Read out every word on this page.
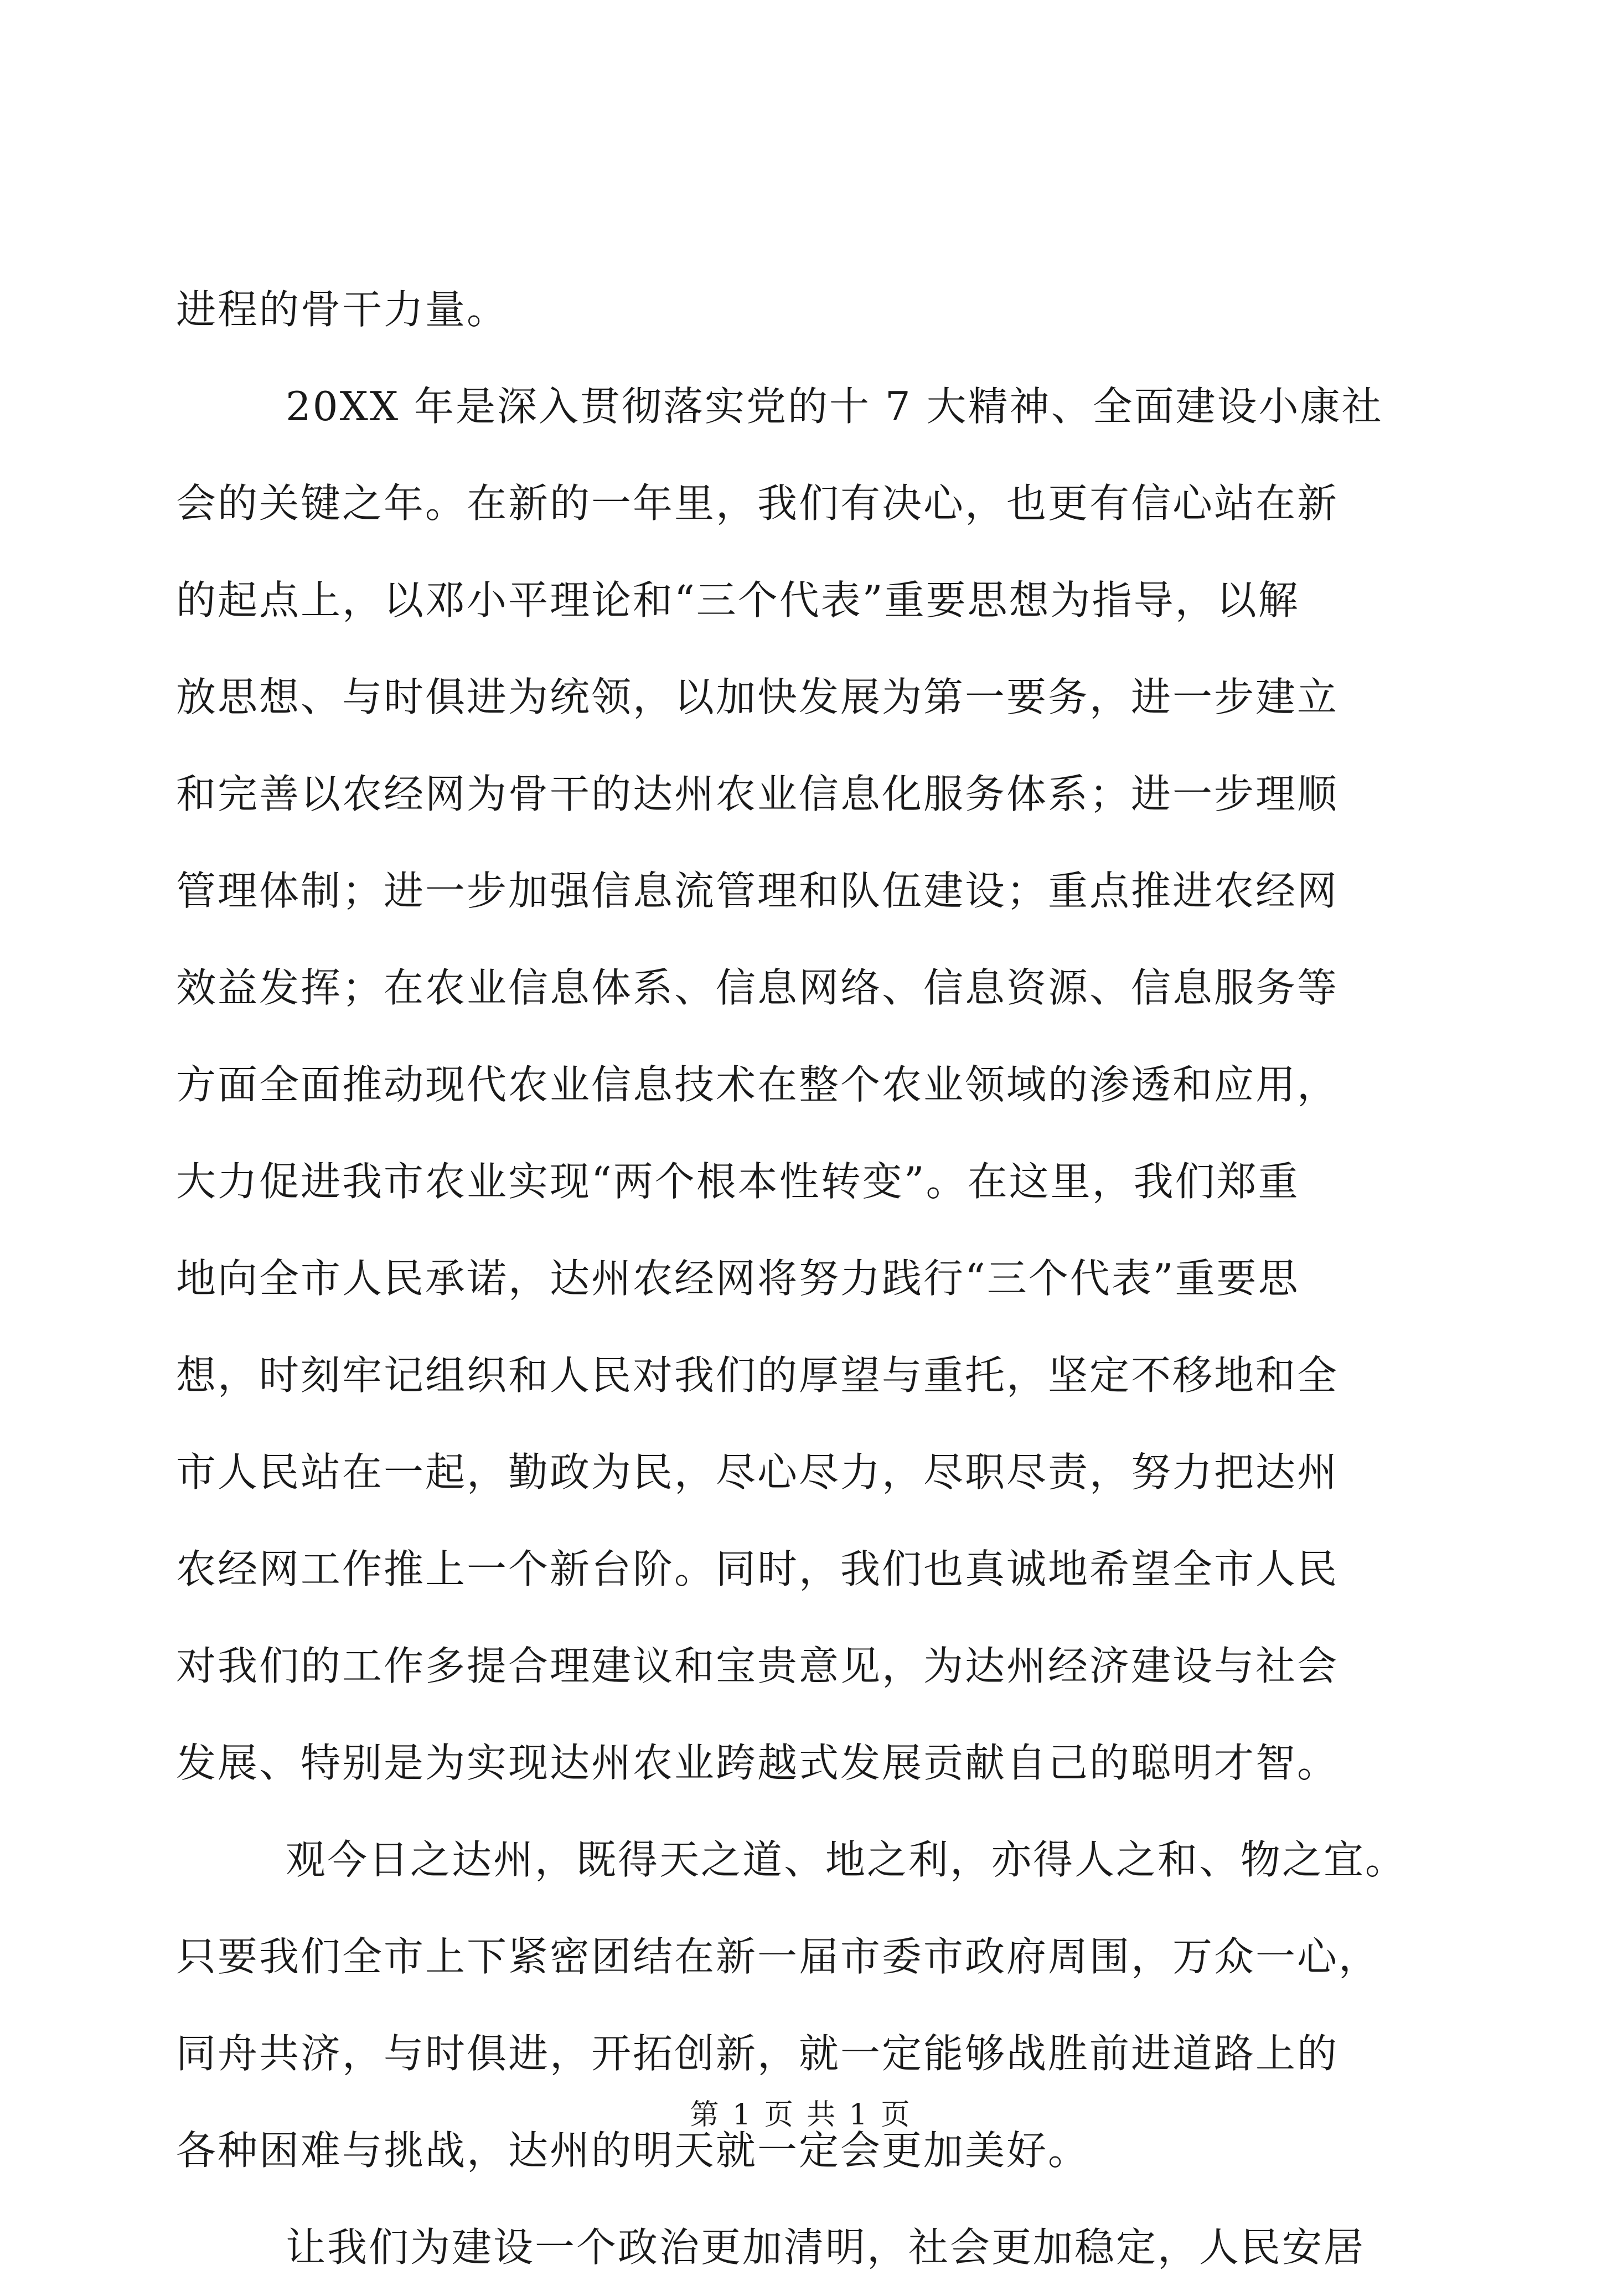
进程的骨干力量。
20XX 年是深入贯彻落实党的十 7 大精神、全面建设小康社
会的关键之年。在新的一年里，我们有决心，也更有信心站在新
的起点上，以邓小平理论和“三个代表”重要思想为指导，以解
放思想、与时俱进为统领，以加快发展为第一要务，进一步建立
和完善以农经网为骨干的达州农业信息化服务体系；进一步理顺
管理体制；进一步加强信息流管理和队伍建设；重点推进农经网
效益发挥；在农业信息体系、信息网络、信息资源、信息服务等
方面全面推动现代农业信息技术在整个农业领域的渗透和应用，
大力促进我市农业实现“两个根本性转变”。在这里，我们郑重
地向全市人民承诺，达州农经网将努力践行“三个代表”重要思
想，时刻牢记组织和人民对我们的厚望与重托，坚定不移地和全
市人民站在一起，勤政为民，尽心尽力，尽职尽责，努力把达州
农经网工作推上一个新台阶。同时，我们也真诚地希望全市人民
对我们的工作多提合理建议和宝贵意见，为达州经济建设与社会
发展、特别是为实现达州农业跨越式发展贡献自己的聪明才智。
观今日之达州，既得天之道、地之利，亦得人之和、物之宜。
只要我们全市上下紧密团结在新一届市委市政府周围，万众一心，
同舟共济，与时俱进，开拓创新，就一定能够战胜前进道路上的
各种困难与挑战，达州的明天就一定会更加美好。
让我们为建设一个政治更加清明，社会更加稳定，人民安居
第 1 页 共 1 页
